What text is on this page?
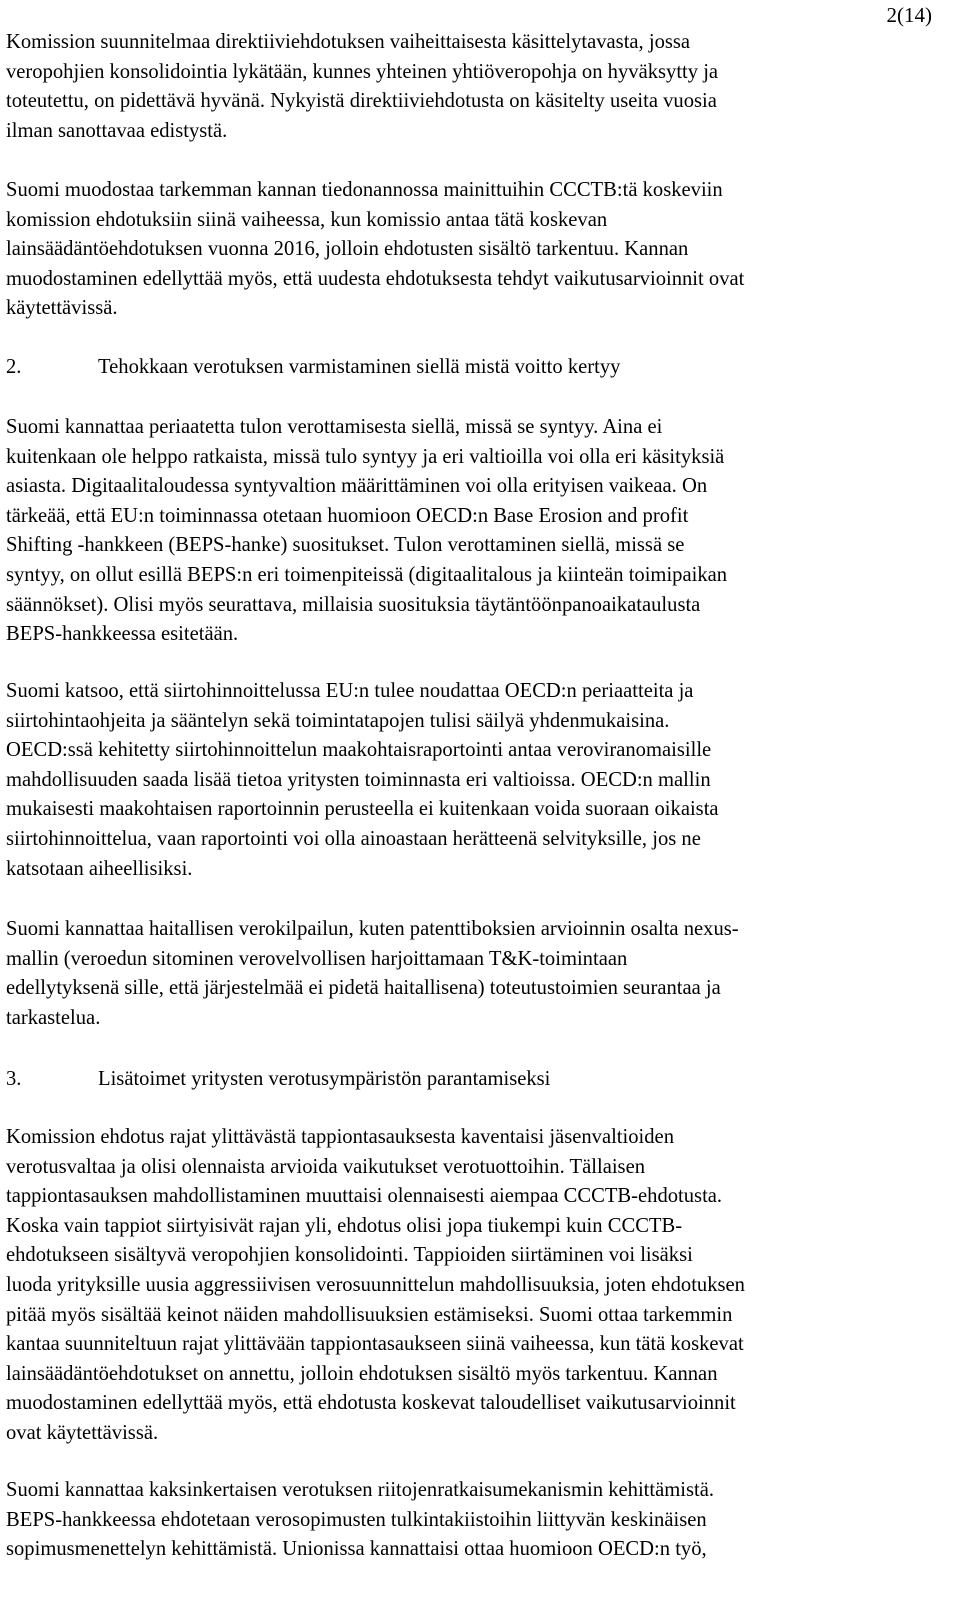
2(14)

Komission suunnitelmaa direktiiviehdotuksen vaiheittaisesta käsittelytavasta, jossa
veropohjien konsolidointia lykätään, kunnes yhteinen yhtiöveropohja on hyväksytty ja
toteutettu, on pidettävä hyvänä. Nykyistä direktiiviehdotusta on käsitelty useita vuosia
ilman sanottavaa edistystä.

Suomi muodostaa tarkemman kannan tiedonannossa mainittuihin CCCTB:tä koskeviin
komission ehdotuksiin siinä vaiheessa, kun komissio antaa tätä koskevan
lainsäädäntöehdotuksen vuonna 2016, jolloin ehdotusten sisältö tarkentuu. Kannan
muodostaminen edellyttää myös, että uudesta ehdotuksesta tehdyt vaikutusarvioinnit ovat
käytettävissä.

2.	Tehokkaan verotuksen varmistaminen siellä mistä voitto kertyy

Suomi kannattaa periaatetta tulon verottamisesta siellä, missä se syntyy. Aina ei
kuitenkaan ole helppo ratkaista, missä tulo syntyy ja eri valtioilla voi olla eri käsityksiä
asiasta. Digitaalitaloudessa syntyvaltion määrittäminen voi olla erityisen vaikeaa. On
tärkeää, että EU:n toiminnassa otetaan huomioon OECD:n Base Erosion and profit
Shifting -hankkeen (BEPS-hanke) suositukset. Tulon verottaminen siellä, missä se
syntyy, on ollut esillä BEPS:n eri toimenpiteissä (digitaalitalous ja kiinteän toimipaikan
säännökset). Olisi myös seurattava, millaisia suosituksia täytäntöönpanoaikataulusta
BEPS-hankkeessa esitetään.

Suomi katsoo, että siirtohinnoittelussa EU:n tulee noudattaa OECD:n periaatteita ja
siirtohintaohjeita ja sääntelyn sekä toimintatapojen tulisi säilyä yhdenmukaisina.
OECD:ssä kehitetty siirtohinnoittelun maakohtaisraportointi antaa veroviranomaisille
mahdollisuuden saada lisää tietoa yritysten toiminnasta eri valtioissa. OECD:n mallin
mukaisesti maakohtaisen raportoinnin perusteella ei kuitenkaan voida suoraan oikaista
siirtohinnoittelua, vaan raportointi voi olla ainoastaan herätteenä selvityksille, jos ne
katsotaan aiheellisiksi.

Suomi kannattaa haitallisen verokilpailun, kuten patenttiboksien arvioinnin osalta nexus-
mallin (veroedun sitominen verovelvollisen harjoittamaan T&K-toimintaan
edellytyksenä sille, että järjestelmää ei pidetä haitallisena) toteutustoimien seurantaa ja
tarkastelua.

3.	Lisätoimet yritysten verotusympäristön parantamiseksi

Komission ehdotus rajat ylittävästä tappiontasauksesta kaventaisi jäsenvaltioiden
verotusvaltaa ja olisi olennaista arvioida vaikutukset verotuottoihin. Tällaisen
tappiontasauksen mahdollistaminen muuttaisi olennaisesti aiempaa CCCTB-ehdotusta.
Koska vain tappiot siirtyisivät rajan yli, ehdotus olisi jopa tiukempi kuin CCCTB-
ehdotukseen sisältyvä veropohjien konsolidointi. Tappioiden siirtäminen voi lisäksi
luoda yrityksille uusia aggressiivisen verosuunnittelun mahdollisuuksia, joten ehdotuksen
pitää myös sisältää keinot näiden mahdollisuuksien estämiseksi. Suomi ottaa tarkemmin
kantaa suunniteltuun rajat ylittävään tappiontasaukseen siinä vaiheessa, kun tätä koskevat
lainsäädäntöehdotukset on annettu, jolloin ehdotuksen sisältö myös tarkentuu. Kannan
muodostaminen edellyttää myös, että ehdotusta koskevat taloudelliset vaikutusarvioinnit
ovat käytettävissä.

Suomi kannattaa kaksinkertaisen verotuksen riitojenratkaisumekanismin kehittämistä.
BEPS-hankkeessa ehdotetaan verosopimusten tulkintakiistoihin liittyvän keskinäisen
sopimusmenettelyn kehittämistä. Unionissa kannattaisi ottaa huomioon OECD:n työ,
